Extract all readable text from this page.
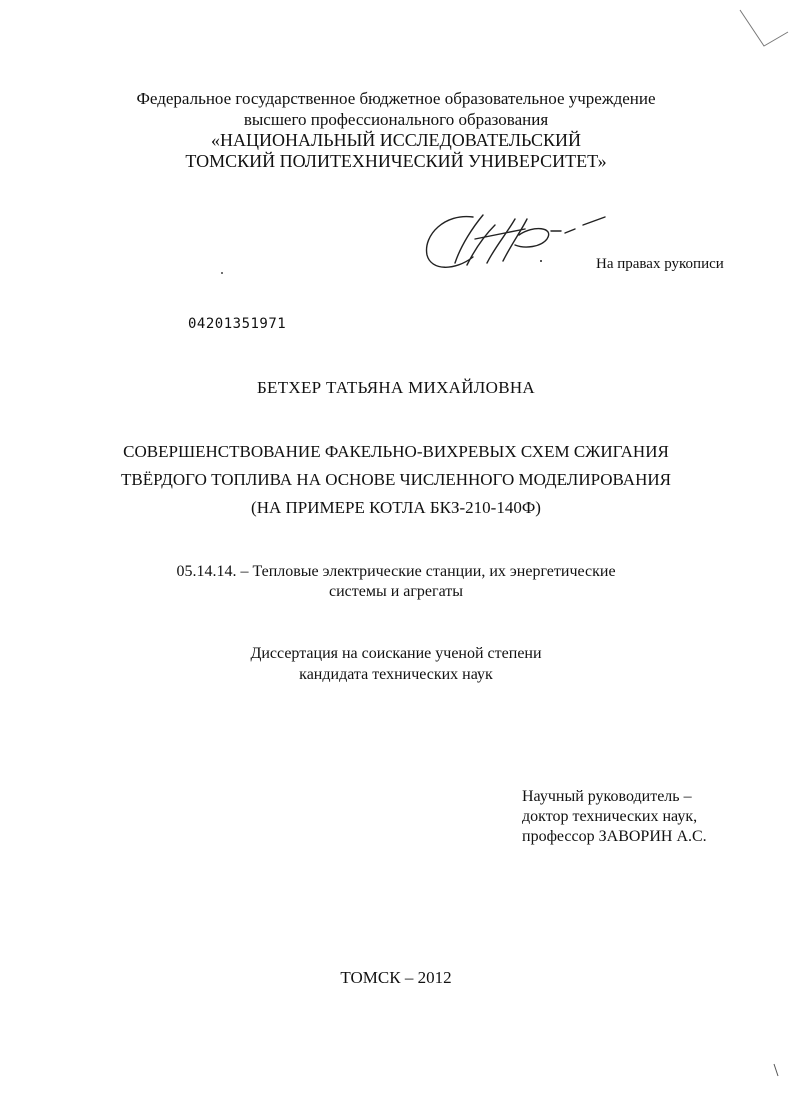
Федеральное государственное бюджетное образовательное учреждение
высшего профессионального образования
«НАЦИОНАЛЬНЫЙ ИССЛЕДОВАТЕЛЬСКИЙ
ТОМСКИЙ ПОЛИТЕХНИЧЕСКИЙ УНИВЕРСИТЕТ»
На правах рукописи
04201351971
БЕТХЕР ТАТЬЯНА МИХАЙЛОВНА
СОВЕРШЕНСТВОВАНИЕ ФАКЕЛЬНО-ВИХРЕВЫХ СХЕМ СЖИГАНИЯ
ТВЁРДОГО ТОПЛИВА НА ОСНОВЕ ЧИСЛЕННОГО МОДЕЛИРОВАНИЯ
(НА ПРИМЕРЕ КОТЛА БКЗ-210-140Ф)
05.14.14. – Тепловые электрические станции, их энергетические
системы и агрегаты
Диссертация на соискание ученой степени
кандидата технических наук
Научный руководитель –
доктор технических наук,
профессор ЗАВОРИН А.С.
ТОМСК – 2012
